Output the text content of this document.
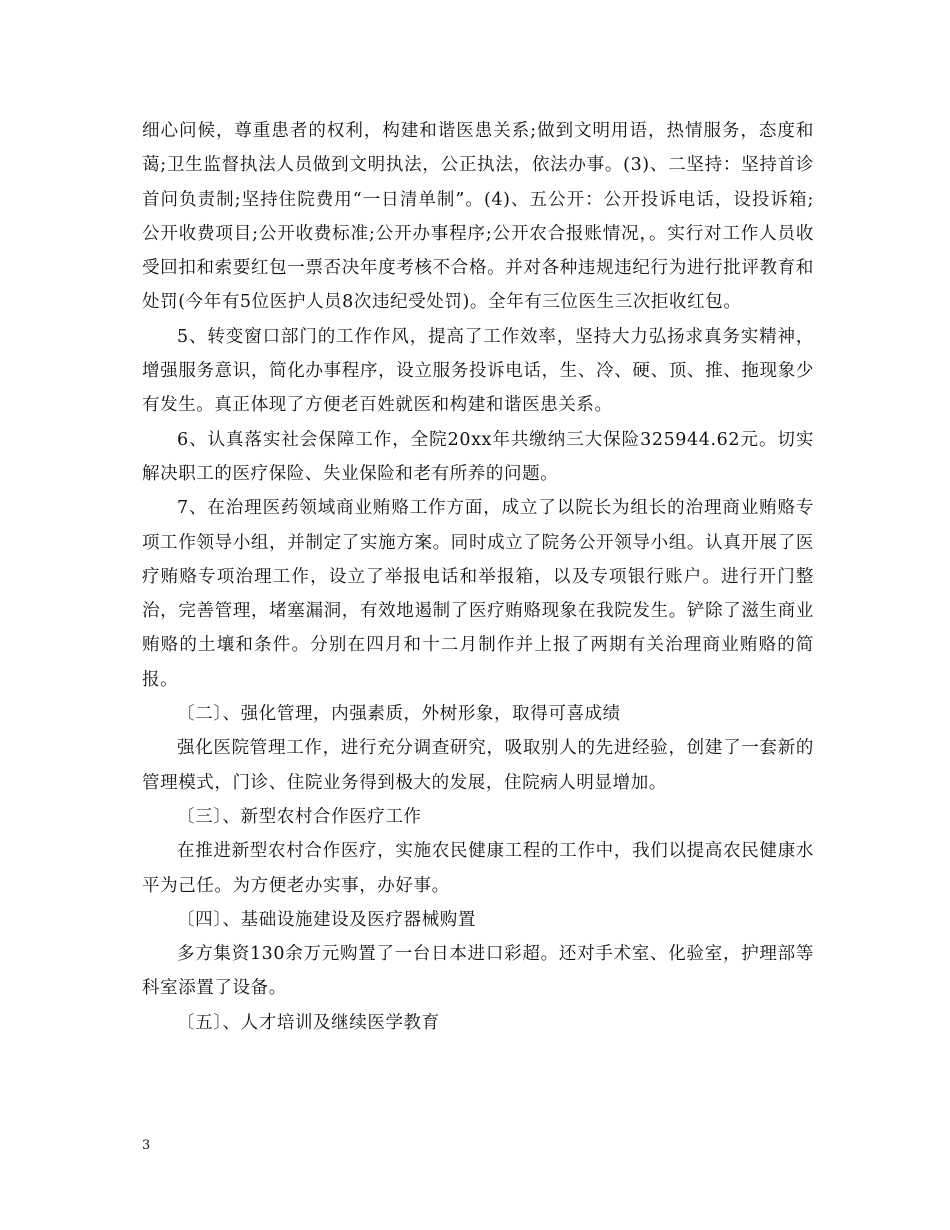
细心问候，尊重患者的权利，构建和谐医患关系;做到文明用语，热情服务，态度和蔼;卫生监督执法人员做到文明执法，公正执法，依法办事。(3)、二坚持：坚持首诊首问负责制;坚持住院费用“一日清单制”。(4)、五公开：公开投诉电话，设投诉箱;公开收费项目;公开收费标准;公开办事程序;公开农合报账情况，。实行对工作人员收受回扣和索要红包一票否决年度考核不合格。并对各种违规违纪行为进行批评教育和处罚(今年有5位医护人员8次违纪受处罚)。全年有三位医生三次拒收红包。

5、转变窗口部门的工作作风，提高了工作效率，坚持大力弘扬求真务实精神，增强服务意识，简化办事程序，设立服务投诉电话，生、冷、硬、顶、推、拖现象少有发生。真正体现了方便老百姓就医和构建和谐医患关系。

6、认真落实社会保障工作，全院20xx年共缴纳三大保险325944.62元。切实解决职工的医疗保险、失业保险和老有所养的问题。

7、在治理医药领域商业贿赂工作方面，成立了以院长为组长的治理商业贿赂专项工作领导小组，并制定了实施方案。同时成立了院务公开领导小组。认真开展了医疗贿赂专项治理工作，设立了举报电话和举报箱，以及专项银行账户。进行开门整治，完善管理，堵塞漏洞，有效地遏制了医疗贿赂现象在我院发生。铲除了滋生商业贿赂的土壤和条件。分别在四月和十二月制作并上报了两期有关治理商业贿赂的简报。

〔二〕、强化管理，内强素质，外树形象，取得可喜成绩

强化医院管理工作，进行充分调查研究，吸取别人的先进经验，创建了一套新的管理模式，门诊、住院业务得到极大的发展，住院病人明显增加。

〔三〕、新型农村合作医疗工作

在推进新型农村合作医疗，实施农民健康工程的工作中，我们以提高农民健康水平为己任。为方便老办实事，办好事。

〔四〕、基础设施建设及医疗器械购置

多方集资130余万元购置了一台日本进口彩超。还对手术室、化验室，护理部等科室添置了设备。

〔五〕、人才培训及继续医学教育

3
